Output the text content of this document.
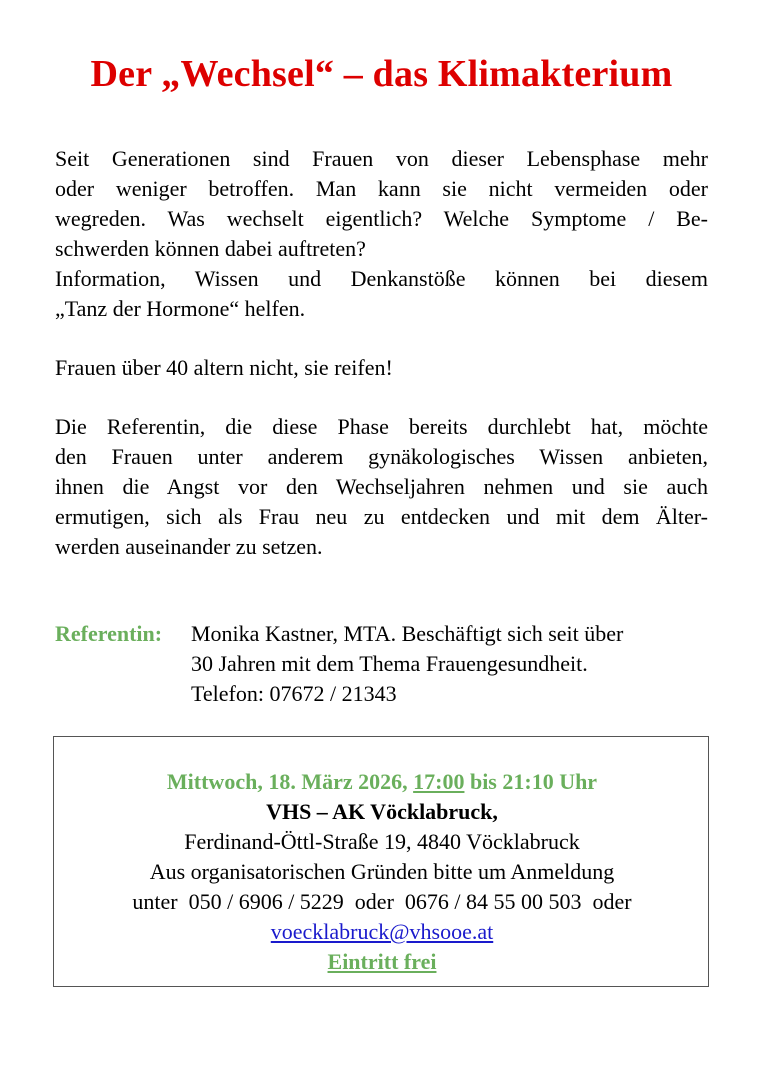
Der „Wechsel“ – das Klimakterium
Seit Generationen sind Frauen von dieser Lebensphase mehr
oder weniger betroffen. Man kann sie nicht vermeiden oder
wegreden. Was wechselt eigentlich? Welche Symptome / Be-
schwerden können dabei auftreten?
Information, Wissen und Denkanstöße können bei diesem
„Tanz der Hormone“ helfen.
Frauen über 40 altern nicht, sie reifen!
Die Referentin, die diese Phase bereits durchlebt hat, möchte
den Frauen unter anderem gynäkologisches Wissen anbieten,
ihnen die Angst vor den Wechseljahren nehmen und sie auch
ermutigen, sich als Frau neu zu entdecken und mit dem Älter-
werden auseinander zu setzen.
Referentin: Monika Kastner, MTA. Beschäftigt sich seit über
30 Jahren mit dem Thema Frauengesundheit.
Telefon: 07672 / 21343
Mittwoch, 18. März 2026, 17:00 bis 21:10 Uhr
VHS – AK Vöcklabruck,
Ferdinand-Öttl-Straße 19, 4840 Vöcklabruck
Aus organisatorischen Gründen bitte um Anmeldung
unter  050 / 6906 / 5229  oder  0676 / 84 55 00 503  oder
voecklabruck@vhsooe.at
Eintritt frei
